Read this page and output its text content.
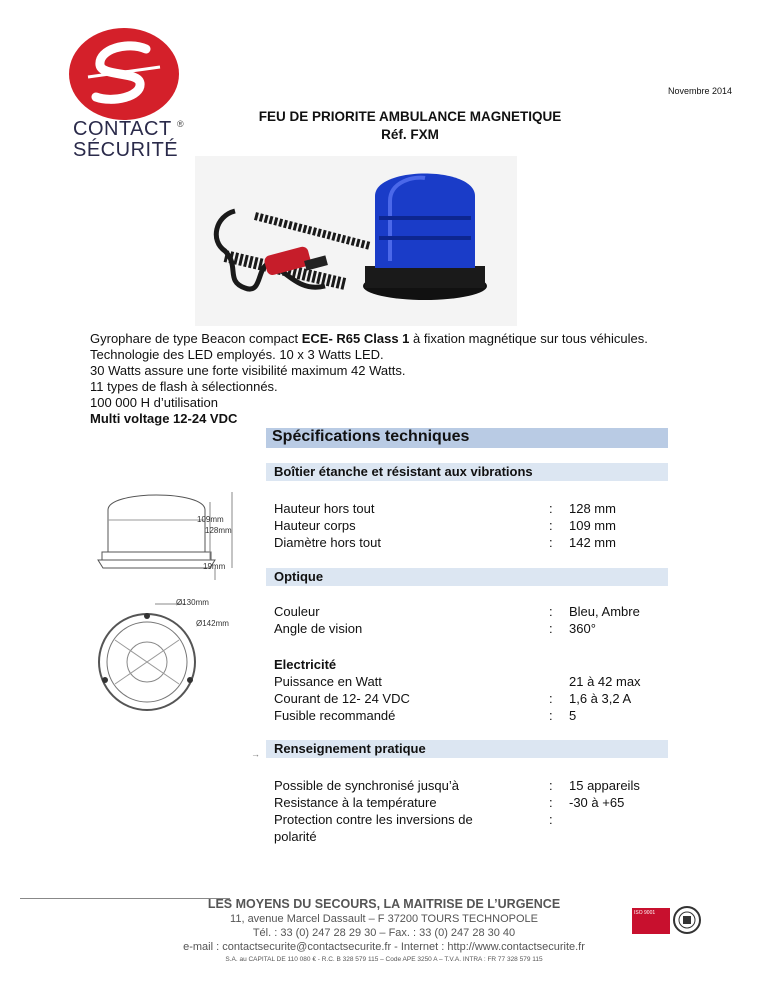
CONTACT ®
SÉCURITÉ
Novembre 2014
FEU DE PRIORITE AMBULANCE MAGNETIQUE
Réf. FXM
Gyrophare de type Beacon compact ECE- R65 Class 1 à fixation magnétique sur tous véhicules.
Technologie des LED employés. 10 x 3 Watts LED.
30 Watts assure une forte visibilité maximum 42 Watts.
11 types de flash à sélectionnés.
100 000 H d’utilisation
Multi voltage 12-24 VDC
Spécifications techniques
Boîtier étanche et résistant aux vibrations
Hauteur hors tout	: 128 mm
Hauteur corps	: 109 mm
Diamètre hors tout	: 142 mm
Optique
Couleur	: Bleu, Ambre
Angle de vision	: 360°
Electricité
Puissance en Watt	21 à 42 max
Courant de 12- 24 VDC	: 1,6 à 3,2 A
Fusible recommandé	: 5
→ Renseignement pratique
Possible de synchronisé jusqu’à	: 15 appareils
Resistance à la température	: -30 à +65
Protection contre les inversions de	:
polarité
109mm
128mm
19mm
Ø130mm
Ø142mm
LES MOYENS DU SECOURS, LA MAITRISE DE L’URGENCE
11, avenue Marcel Dassault – F 37200 TOURS TECHNOPOLE
Tél. : 33 (0) 247 28 29 30 – Fax. : 33 (0) 247 28 30 40
e-mail : contactsecurite@contactsecurite.fr - Internet : http://www.contactsecurite.fr
S.A. au CAPITAL DE 110 080 € - R.C. B 328 579 115 – Code APE 3250 A – T.V.A. INTRA : FR 77 328 579 115
ISO 9001
